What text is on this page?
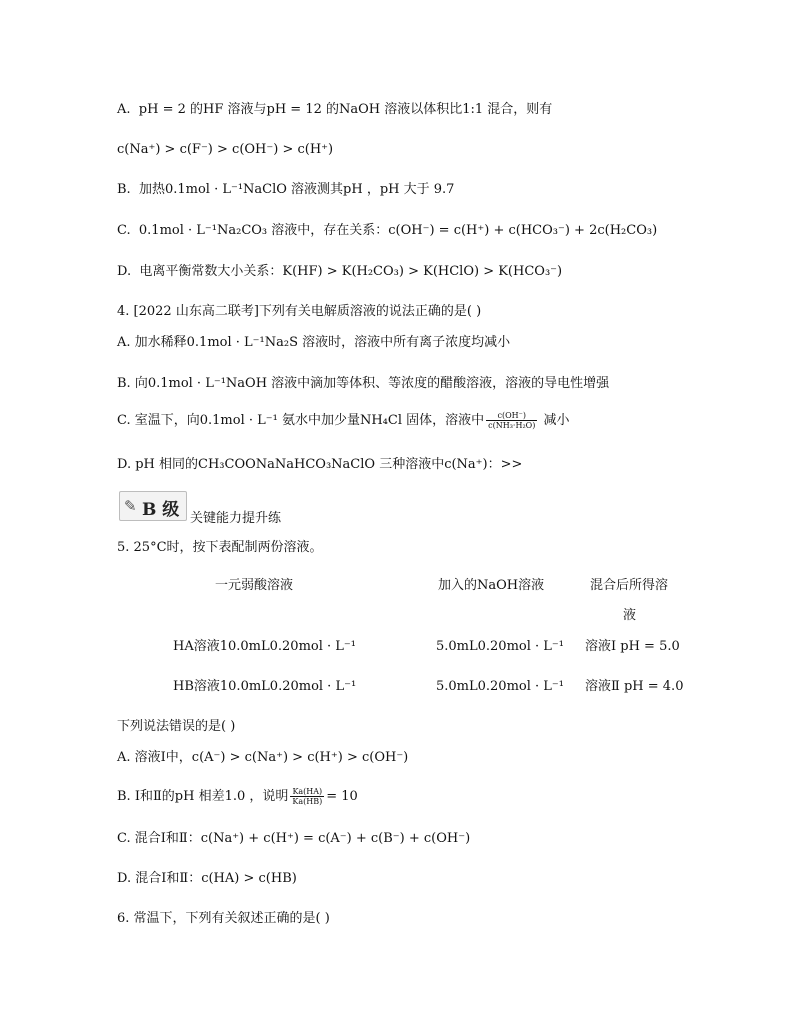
A. pH = 2 的HF 溶液与pH = 12 的NaOH 溶液以体积比1:1 混合，则有
c(Na⁺) > c(F⁻) > c(OH⁻) > c(H⁺)
B. 加热0.1mol · L⁻¹NaClO 溶液测其pH ，pH 大于 9.7
C. 0.1mol · L⁻¹Na₂CO₃ 溶液中，存在关系：c(OH⁻) = c(H⁺) + c(HCO₃⁻) + 2c(H₂CO₃)
D. 电离平衡常数大小关系：K(HF) > K(H₂CO₃) > K(HClO) > K(HCO₃⁻)
4. [2022 山东高二联考]下列有关电解质溶液的说法正确的是( )
A. 加水稀释0.1mol · L⁻¹Na₂S 溶液时，溶液中所有离子浓度均减小
B. 向0.1mol · L⁻¹NaOH 溶液中滴加等体积、等浓度的醋酸溶液，溶液的导电性增强
C. 室温下，向0.1mol · L⁻¹ 氨水中加少量NH₄Cl 固体，溶液中 $\frac{c(OH^-)}{\text{c(NH₃·H₂O)}}$ 减小
D. pH 相同的CH₃COONaNaHCO₃NaClO 三种溶液中c(Na⁺)：>>
✎ B 级 关键能力提升练
5. 25°C时，按下表配制两份溶液。
一元弱酸溶液	加入的NaOH溶液	混合后所得溶
液
HA溶液10.0mL0.20mol · L⁻¹	5.0mL0.20mol · L⁻¹ 溶液Ⅰ pH = 5.0
HB溶液10.0mL0.20mol · L⁻¹	5.0mL0.20mol · L⁻¹ 溶液Ⅱ pH = 4.0
下列说法错误的是( )
A. 溶液Ⅰ中，c(A⁻) > c(Na⁺) > c(H⁺) > c(OH⁻)
B. Ⅰ和Ⅱ的pH 相差1.0 ，说明 $\frac{Ka(HA)}{Ka(HB)} = 10$
C. 混合Ⅰ和Ⅱ：c(Na⁺) + c(H⁺) = c(A⁻) + c(B⁻) + c(OH⁻)
D. 混合Ⅰ和Ⅱ：c(HA) > c(HB)
6. 常温下，下列有关叙述正确的是( )
